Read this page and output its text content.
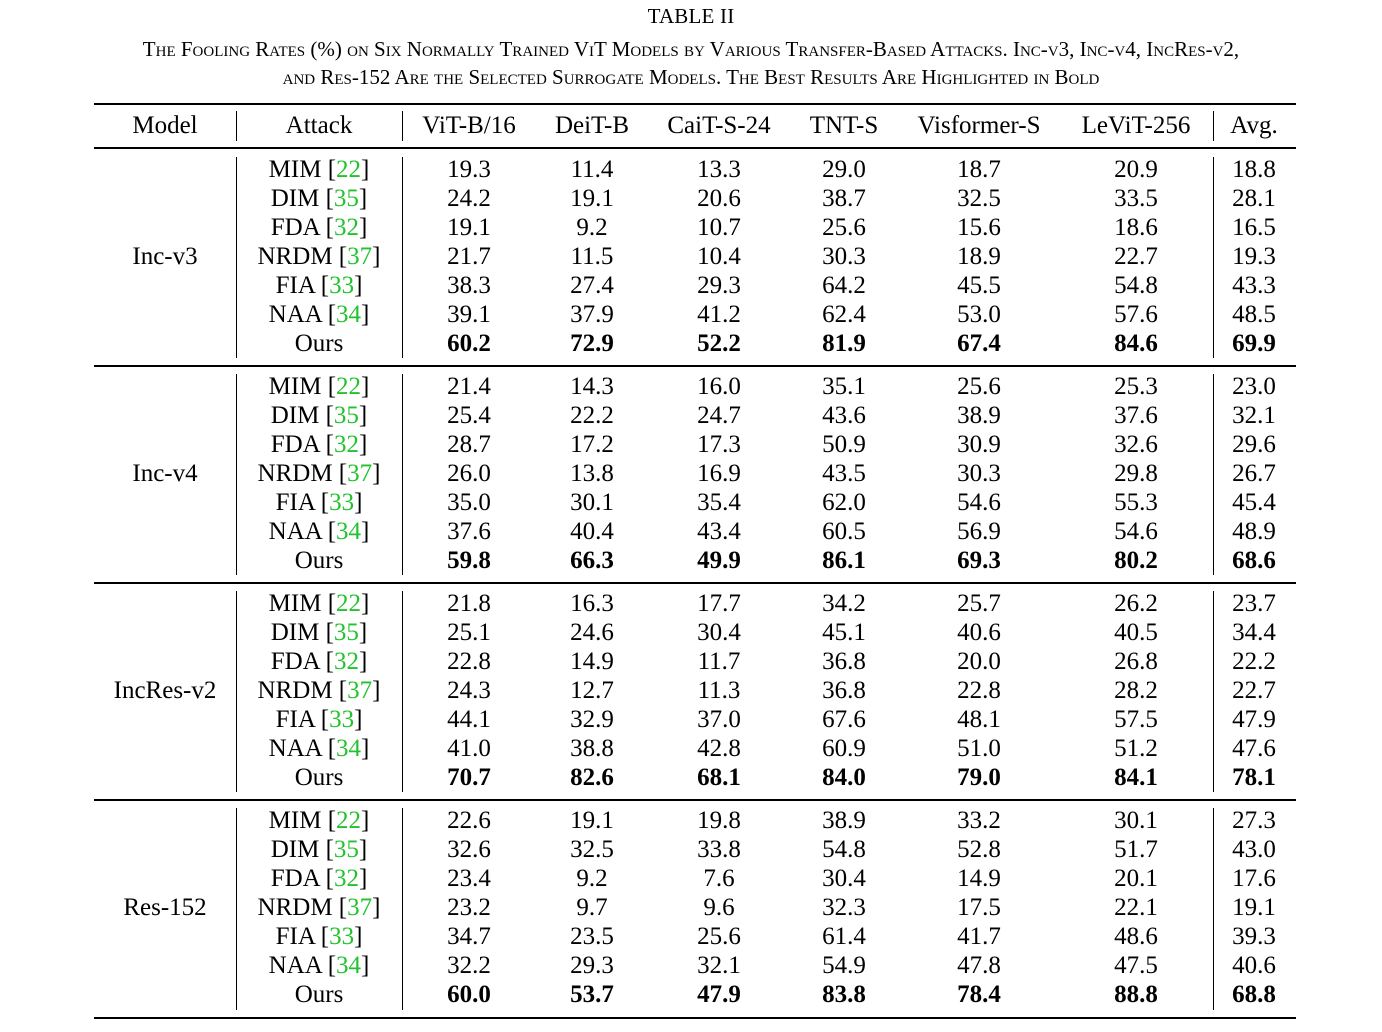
TABLE II
The Fooling Rates (%) on Six Normally Trained ViT Models by Various Transfer-Based Attacks. Inc-v3, Inc-v4, IncRes-v2,
and Res-152 Are the Selected Surrogate Models. The Best Results Are Highlighted in Bold
Model	Attack	ViT-B/16 DeiT-B CaiT-S-24 TNT-S Visformer-S LeViT-256 Avg.
Inc-v3
MIM [22]	19.3	11.4	13.3	29.0	18.7	20.9	18.8
DIM [35]	24.2	19.1	20.6	38.7	32.5	33.5	28.1
FDA [32]	19.1	9.2	10.7	25.6	15.6	18.6	16.5
NRDM [37]	21.7	11.5	10.4	30.3	18.9	22.7	19.3
FIA [33]	38.3	27.4	29.3	64.2	45.5	54.8	43.3
NAA [34]	39.1	37.9	41.2	62.4	53.0	57.6	48.5
Ours	60.2	72.9	52.2	81.9	67.4	84.6	69.9
Inc-v4
MIM [22]	21.4	14.3	16.0	35.1	25.6	25.3	23.0
DIM [35]	25.4	22.2	24.7	43.6	38.9	37.6	32.1
FDA [32]	28.7	17.2	17.3	50.9	30.9	32.6	29.6
NRDM [37]	26.0	13.8	16.9	43.5	30.3	29.8	26.7
FIA [33]	35.0	30.1	35.4	62.0	54.6	55.3	45.4
NAA [34]	37.6	40.4	43.4	60.5	56.9	54.6	48.9
Ours	59.8	66.3	49.9	86.1	69.3	80.2	68.6
IncRes-v2
MIM [22]	21.8	16.3	17.7	34.2	25.7	26.2	23.7
DIM [35]	25.1	24.6	30.4	45.1	40.6	40.5	34.4
FDA [32]	22.8	14.9	11.7	36.8	20.0	26.8	22.2
NRDM [37]	24.3	12.7	11.3	36.8	22.8	28.2	22.7
FIA [33]	44.1	32.9	37.0	67.6	48.1	57.5	47.9
NAA [34]	41.0	38.8	42.8	60.9	51.0	51.2	47.6
Ours	70.7	82.6	68.1	84.0	79.0	84.1	78.1
Res-152
MIM [22]	22.6	19.1	19.8	38.9	33.2	30.1	27.3
DIM [35]	32.6	32.5	33.8	54.8	52.8	51.7	43.0
FDA [32]	23.4	9.2	7.6	30.4	14.9	20.1	17.6
NRDM [37]	23.2	9.7	9.6	32.3	17.5	22.1	19.1
FIA [33]	34.7	23.5	25.6	61.4	41.7	48.6	39.3
NAA [34]	32.2	29.3	32.1	54.9	47.8	47.5	40.6
Ours	60.0	53.7	47.9	83.8	78.4	88.8	68.8
